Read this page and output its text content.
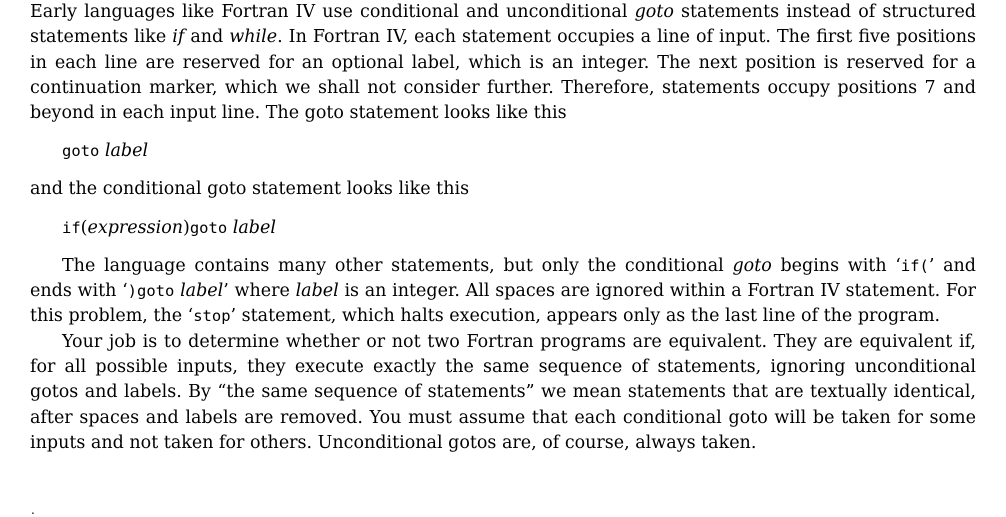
Early languages like Fortran IV use conditional and unconditional goto statements instead of structured statements like if and while. In Fortran IV, each statement occupies a line of input. The first five positions in each line are reserved for an optional label, which is an integer. The next position is reserved for a continuation marker, which we shall not consider further. Therefore, statements occupy positions 7 and beyond in each input line. The goto statement looks like this

goto label

and the conditional goto statement looks like this

if(expression)goto label

The language contains many other statements, but only the conditional goto begins with ‘if(’ and ends with ‘)goto label’ where label is an integer. All spaces are ignored within a Fortran IV statement. For this problem, the ‘stop’ statement, which halts execution, appears only as the last line of the program.

Your job is to determine whether or not two Fortran programs are equivalent. They are equivalent if, for all possible inputs, they execute exactly the same sequence of statements, ignoring unconditional gotos and labels. By “the same sequence of statements” we mean statements that are textually identical, after spaces and labels are removed. You must assume that each conditional goto will be taken for some inputs and not taken for others. Unconditional gotos are, of course, always taken.

.
